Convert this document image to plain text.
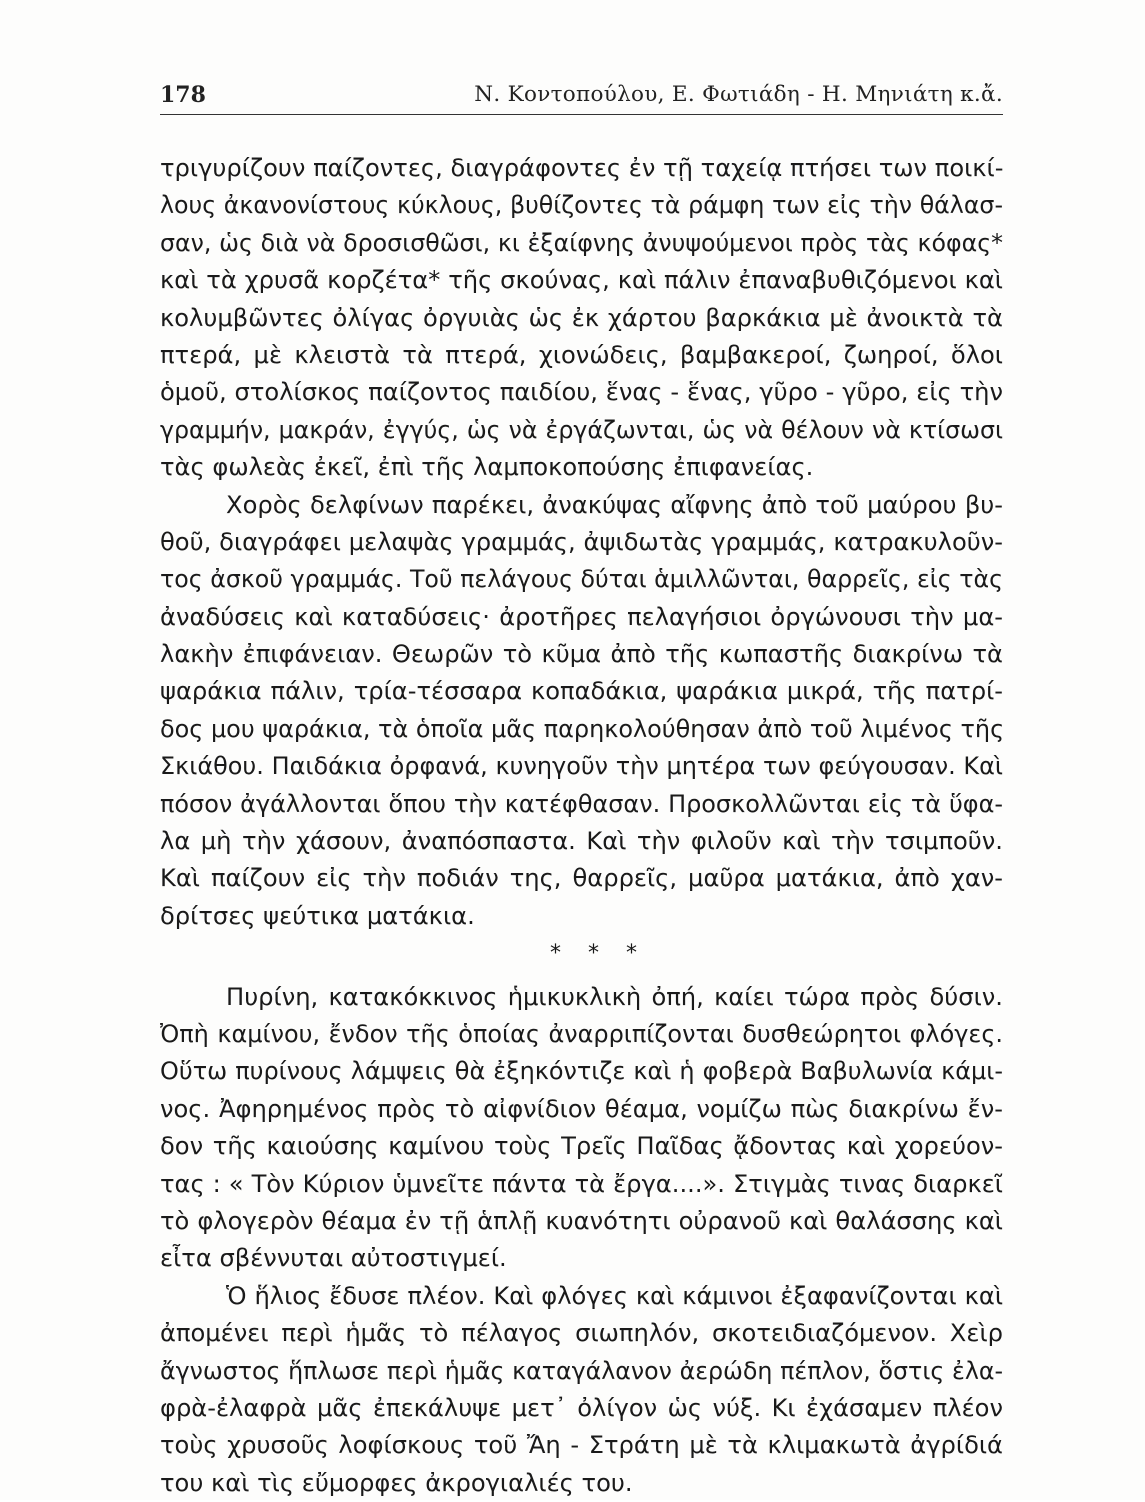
178	Ν. Κοντοπούλου, Ε. Φωτιάδη - Η. Μηνιάτη κ.ἄ.
τριγυρίζουν παίζοντες, διαγράφοντες ἐν τῇ ταχείᾳ πτήσει των ποικί-
λους ἀκανονίστους κύκλους, βυθίζοντες τὰ ράμφη των εἰς τὴν θάλασ-
σαν, ὡς διὰ νὰ δροσισθῶσι, κι ἐξαίφνης ἀνυψούμενοι πρὸς τὰς κόφας*
καὶ τὰ χρυσᾶ κορζέτα* τῆς σκούνας, καὶ πάλιν ἐπαναβυθιζόμενοι καὶ
κολυμβῶντες ὀλίγας ὀργυιὰς ὡς ἐκ χάρτου βαρκάκια μὲ ἀνοικτὰ τὰ
πτερά, μὲ κλειστὰ τὰ πτερά, χιονώδεις, βαμβακεροί, ζωηροί, ὅλοι
ὁμοῦ, στολίσκος παίζοντος παιδίου, ἕνας - ἕνας, γῦρο - γῦρο, εἰς τὴν
γραμμήν, μακράν, ἐγγύς, ὡς νὰ ἐργάζωνται, ὡς νὰ θέλουν νὰ κτίσωσι
τὰς φωλεὰς ἐκεῖ, ἐπὶ τῆς λαμποκοπούσης ἐπιφανείας.
Χορὸς δελφίνων παρέκει, ἀνακύψας αἴφνης ἀπὸ τοῦ μαύρου βυ-
θοῦ, διαγράφει μελαψὰς γραμμάς, ἀψιδωτὰς γραμμάς, κατρακυλοῦν-
τος ἀσκοῦ γραμμάς. Τοῦ πελάγους δύται ἁμιλλῶνται, θαρρεῖς, εἰς τὰς
ἀναδύσεις καὶ καταδύσεις· ἀροτῆρες πελαγήσιοι ὀργώνουσι τὴν μα-
λακὴν ἐπιφάνειαν. Θεωρῶν τὸ κῦμα ἀπὸ τῆς κωπαστῆς διακρίνω τὰ
ψαράκια πάλιν, τρία-τέσσαρα κοπαδάκια, ψαράκια μικρά, τῆς πατρί-
δος μου ψαράκια, τὰ ὁποῖα μᾶς παρηκολούθησαν ἀπὸ τοῦ λιμένος τῆς
Σκιάθου. Παιδάκια ὀρφανά, κυνηγοῦν τὴν μητέρα των φεύγουσαν. Καὶ
πόσον ἀγάλλονται ὅπου τὴν κατέφθασαν. Προσκολλῶνται εἰς τὰ ὕφα-
λα μὴ τὴν χάσουν, ἀναπόσπαστα. Καὶ τὴν φιλοῦν καὶ τὴν τσιμποῦν.
Καὶ παίζουν εἰς τὴν ποδιάν της, θαρρεῖς, μαῦρα ματάκια, ἀπὸ χαν-
δρίτσες ψεύτικα ματάκια.
* * *
Πυρίνη, κατακόκκινος ἡμικυκλικὴ ὀπή, καίει τώρα πρὸς δύσιν.
Ὀπὴ καμίνου, ἔνδον τῆς ὁποίας ἀναρριπίζονται δυσθεώρητοι φλόγες.
Οὕτω πυρίνους λάμψεις θὰ ἐξηκόντιζε καὶ ἡ φοβερὰ Βαβυλωνία κάμι-
νος. Ἀφηρημένος πρὸς τὸ αἰφνίδιον θέαμα, νομίζω πὼς διακρίνω ἔν-
δον τῆς καιούσης καμίνου τοὺς Τρεῖς Παῖδας ᾄδοντας καὶ χορεύον-
τας : « Τὸν Κύριον ὑμνεῖτε πάντα τὰ ἔργα....». Στιγμὰς τινας διαρκεῖ
τὸ φλογερὸν θέαμα ἐν τῇ ἁπλῇ κυανότητι οὐρανοῦ καὶ θαλάσσης καὶ
εἶτα σβέννυται αὐτοστιγμεί.
Ὁ ἥλιος ἔδυσε πλέον. Καὶ φλόγες καὶ κάμινοι ἐξαφανίζονται καὶ
ἀπομένει περὶ ἡμᾶς τὸ πέλαγος σιωπηλόν, σκοτειδιαζόμενον. Χεὶρ
ἄγνωστος ἥπλωσε περὶ ἡμᾶς καταγάλανον ἀερώδη πέπλον, ὅστις ἐλα-
φρὰ-ἐλαφρὰ μᾶς ἐπεκάλυψε μετ᾿ ὀλίγον ὡς νύξ. Κι ἐχάσαμεν πλέον
τοὺς χρυσοῦς λοφίσκους τοῦ Ἄη - Στράτη μὲ τὰ κλιμακωτὰ ἀγρίδιά
του καὶ τὶς εὔμορφες ἀκρογιαλιές του.
